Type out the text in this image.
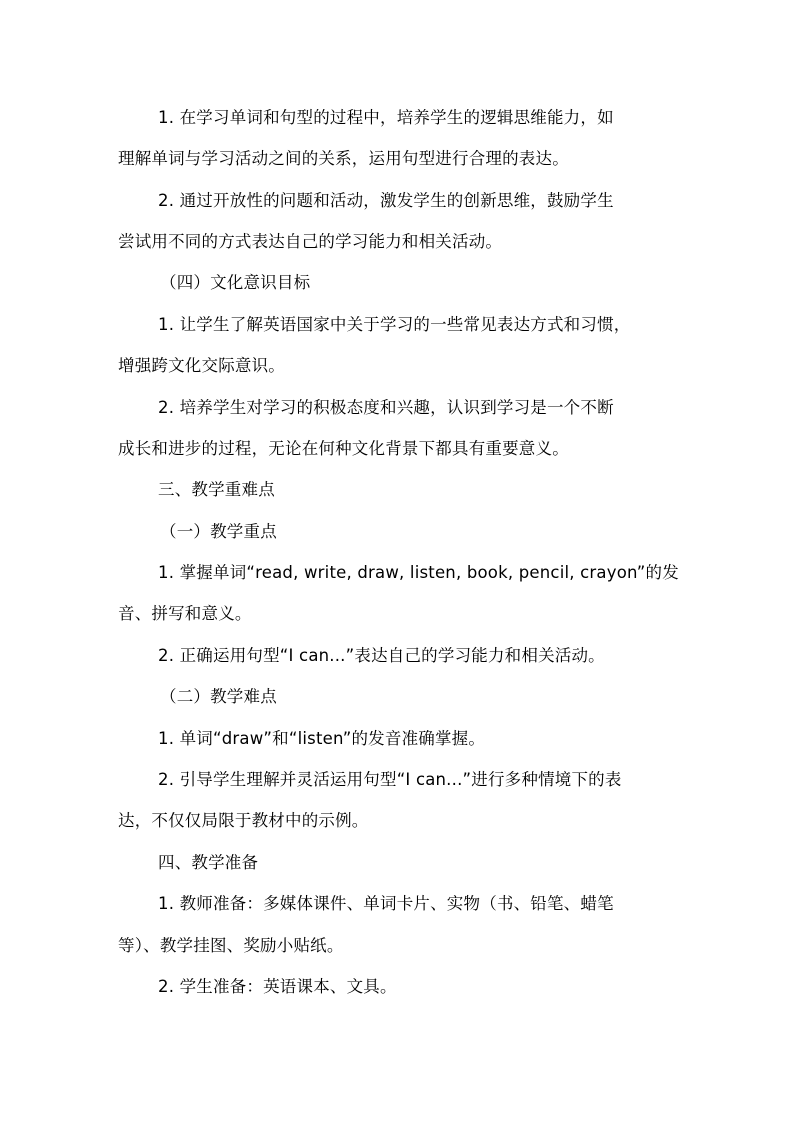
1. 在学习单词和句型的过程中，培养学生的逻辑思维能力，如
理解单词与学习活动之间的关系，运用句型进行合理的表达。
2. 通过开放性的问题和活动，激发学生的创新思维，鼓励学生
尝试用不同的方式表达自己的学习能力和相关活动。
（四）文化意识目标
1. 让学生了解英语国家中关于学习的一些常见表达方式和习惯，
增强跨文化交际意识。
2. 培养学生对学习的积极态度和兴趣，认识到学习是一个不断
成长和进步的过程，无论在何种文化背景下都具有重要意义。
三、教学重难点
（一）教学重点
1. 掌握单词“read, write, draw, listen, book, pencil, crayon”的发
音、拼写和意义。
2. 正确运用句型“I can...”表达自己的学习能力和相关活动。
（二）教学难点
1. 单词“draw”和“listen”的发音准确掌握。
2. 引导学生理解并灵活运用句型“I can...”进行多种情境下的表
达，不仅仅局限于教材中的示例。
四、教学准备
1. 教师准备：多媒体课件、单词卡片、实物（书、铅笔、蜡笔
等）、教学挂图、奖励小贴纸。
2. 学生准备：英语课本、文具。
